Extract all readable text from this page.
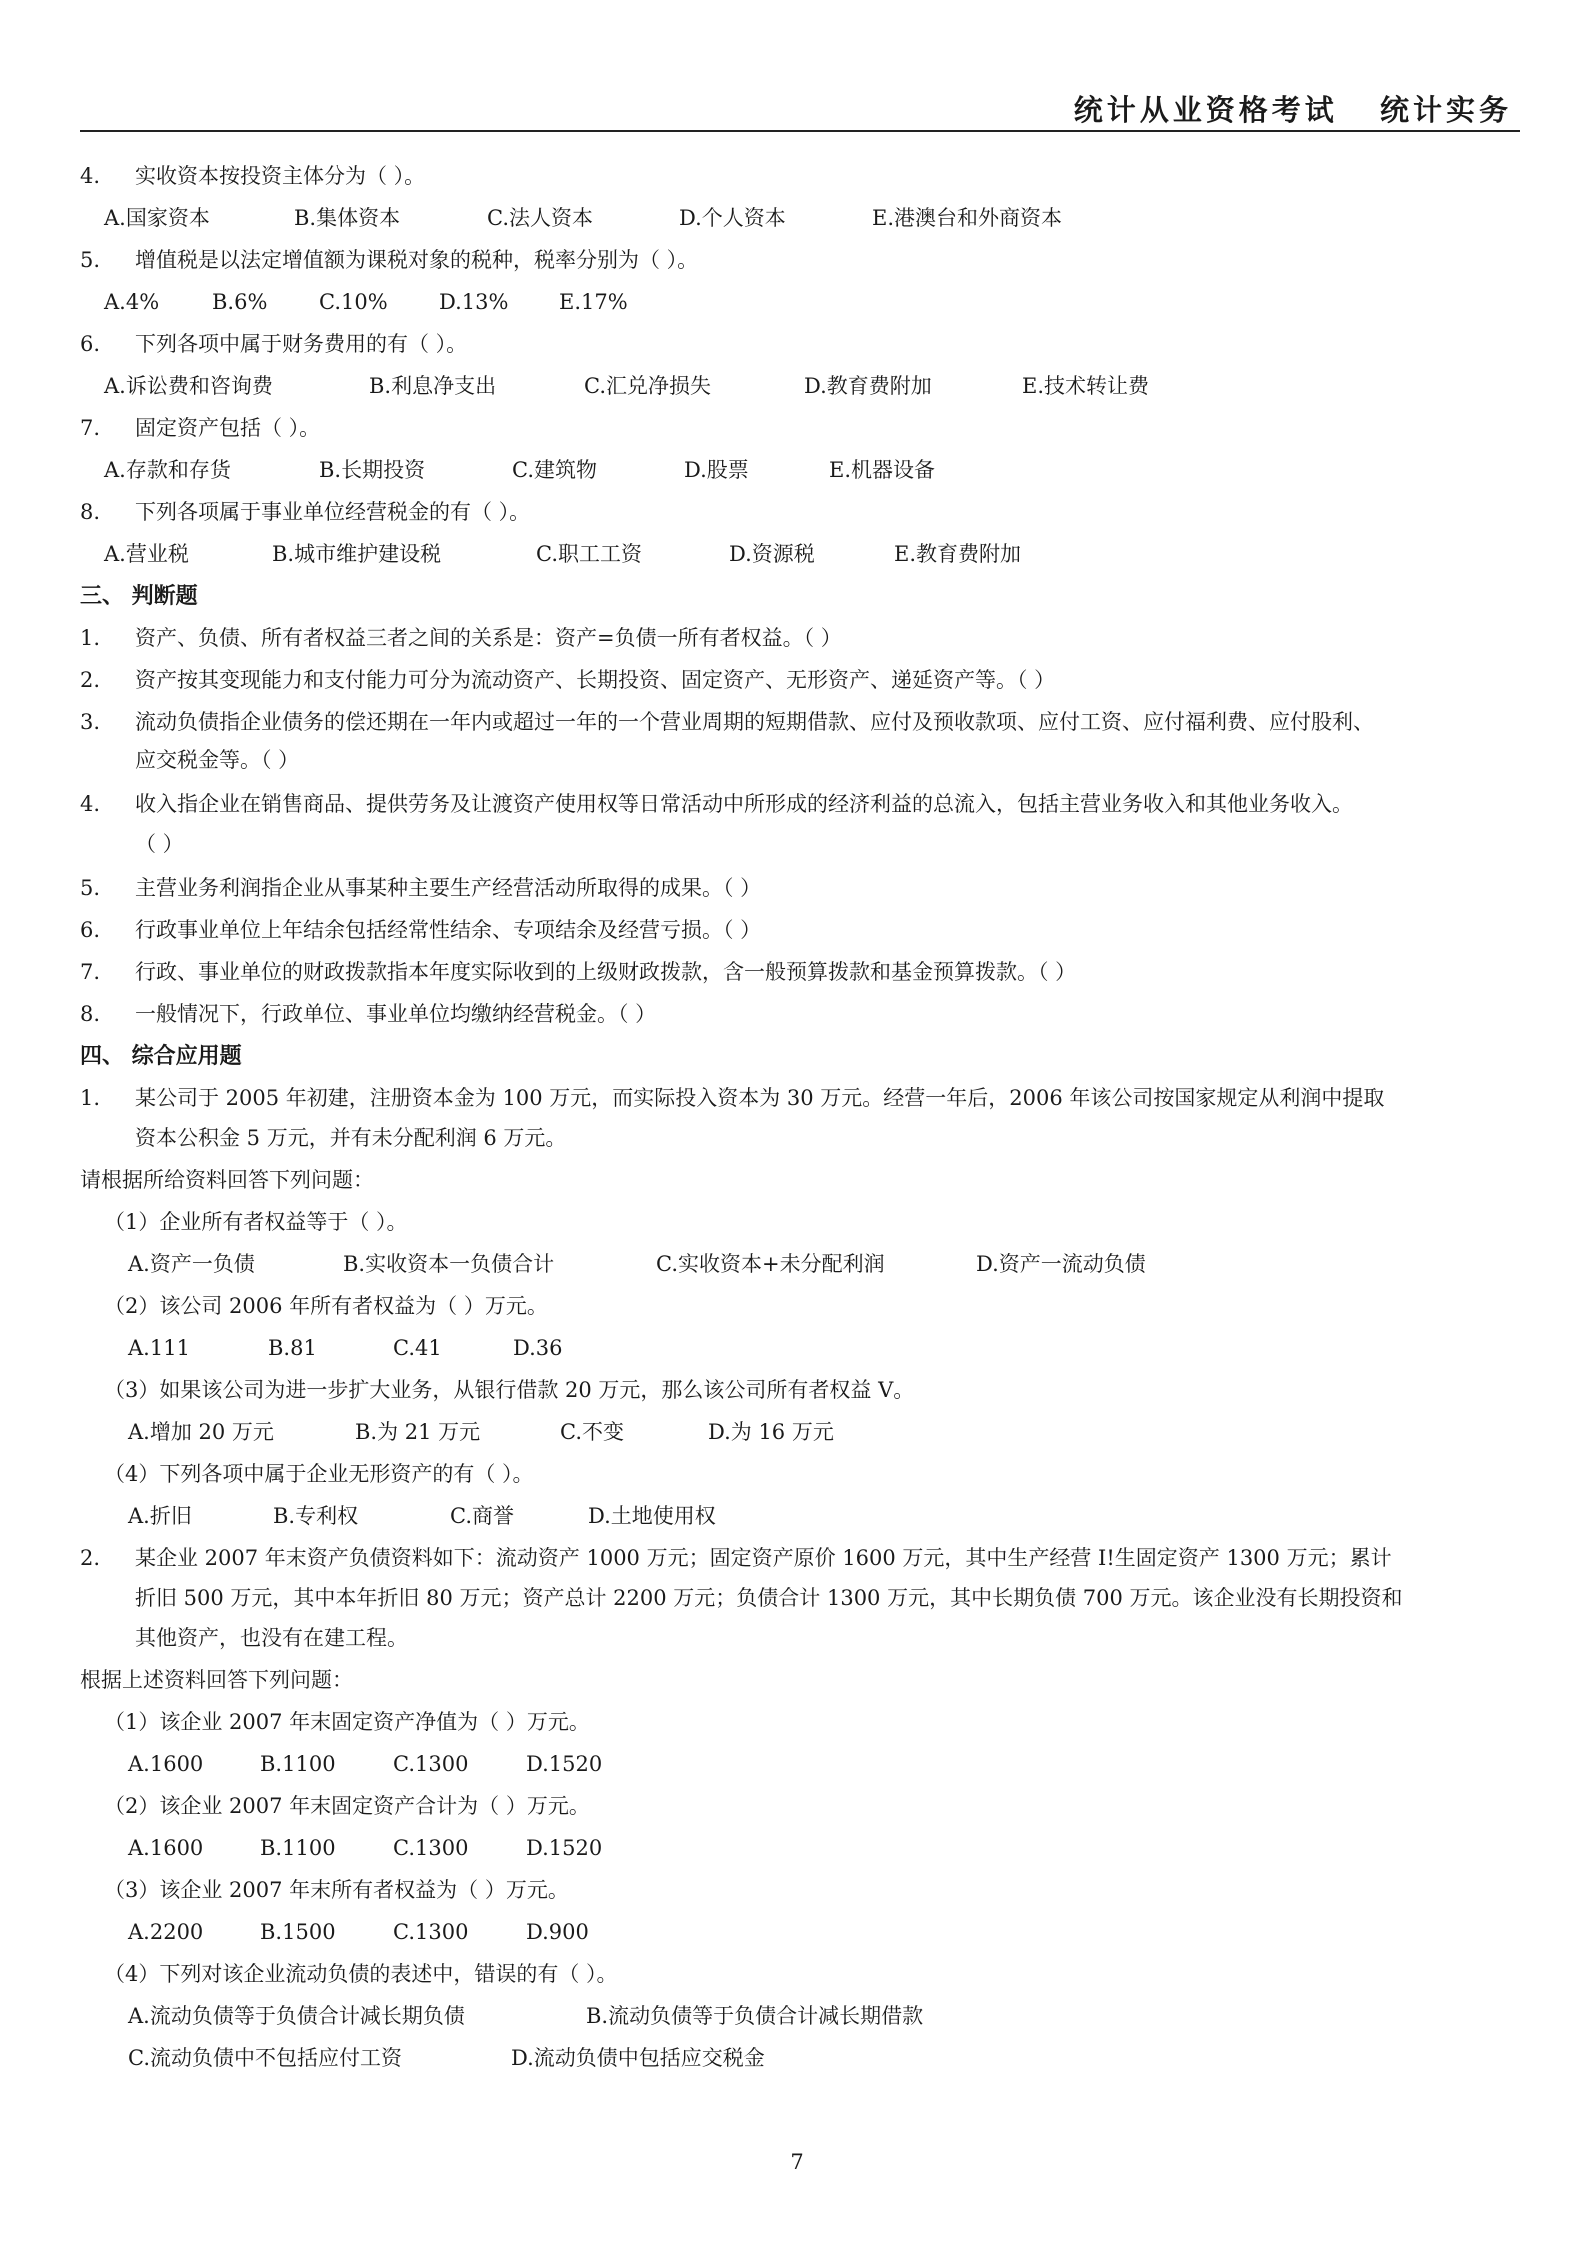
统计从业资格考试   统计实务
4. 实收资本按投资主体分为（ ）。
A.国家资本	B.集体资本	C.法人资本	D.个人资本	E.港澳台和外商资本
5. 增值税是以法定增值额为课税对象的税种，税率分别为（ ）。
A.4%	B.6% C.10% D.13% E.17%
6. 下列各项中属于财务费用的有（ ）。
A.诉讼费和咨询费	B.利息净支出	C.汇兑净损失	D.教育费附加	E.技术转让费
7. 固定资产包括（ ）。
A.存款和存货	B.长期投资	C.建筑物	D.股票	E.机器设备
8. 下列各项属于事业单位经营税金的有（ ）。
A.营业税	B.城市维护建设税	C.职工工资	D.资源税	E.教育费附加
三、 判断题
1. 资产、负债、所有者权益三者之间的关系是：资产=负债一所有者权益。（ ）
2. 资产按其变现能力和支付能力可分为流动资产、长期投资、固定资产、无形资产、递延资产等。（ ）
3. 流动负债指企业债务的偿还期在一年内或超过一年的一个营业周期的短期借款、应付及预收款项、应付工资、应付福利费、应付股利、
应交税金等。（ ）
4. 收入指企业在销售商品、提供劳务及让渡资产使用权等日常活动中所形成的经济利益的总流入，包括主营业务收入和其他业务收入。
（ ）
5. 主营业务利润指企业从事某种主要生产经营活动所取得的成果。（ ）
6. 行政事业单位上年结余包括经常性结余、专项结余及经营亏损。（ ）
7. 行政、事业单位的财政拨款指本年度实际收到的上级财政拨款，含一般预算拨款和基金预算拨款。（ ）
8. 一般情况下，行政单位、事业单位均缴纳经营税金。（ ）
四、 综合应用题
1. 某公司于 2005 年初建，注册资本金为 100 万元，而实际投入资本为 30 万元。经营一年后，2006 年该公司按国家规定从利润中提取
资本公积金 5 万元，并有未分配利润 6 万元。
请根据所给资料回答下列问题：
（1）企业所有者权益等于（ ）。
A.资产一负债	B.实收资本一负债合计	C.实收资本+未分配利润	D.资产一流动负债
（2）该公司 2006 年所有者权益为（ ）万元。
A.111	B.81	C.41	D.36
（3）如果该公司为进一步扩大业务，从银行借款 20 万元，那么该公司所有者权益 V。
A.增加 20 万元	B.为 21 万元	C.不变	D.为 16 万元
（4）下列各项中属于企业无形资产的有（ ）。
A.折旧	B.专利权	C.商誉	D.土地使用权
2. 某企业 2007 年末资产负债资料如下：流动资产 1000 万元；固定资产原价 1600 万元，其中生产经营 I!生固定资产 1300 万元；累计
折旧 500 万元，其中本年折旧 80 万元；资产总计 2200 万元；负债合计 1300 万元，其中长期负债 700 万元。该企业没有长期投资和
其他资产，也没有在建工程。
根据上述资料回答下列问题：
（1）该企业 2007 年末固定资产净值为（ ）万元。
A.1600	B.1100	C.1300	D.1520
（2）该企业 2007 年末固定资产合计为（ ）万元。
A.1600	B.1100	C.1300	D.1520
（3）该企业 2007 年末所有者权益为（ ）万元。
A.2200	B.1500	C.1300	D.900
（4）下列对该企业流动负债的表述中，错误的有（ ）。
A.流动负债等于负债合计减长期负债	B.流动负债等于负债合计减长期借款
C.流动负债中不包括应付工资	D.流动负债中包括应交税金
7
